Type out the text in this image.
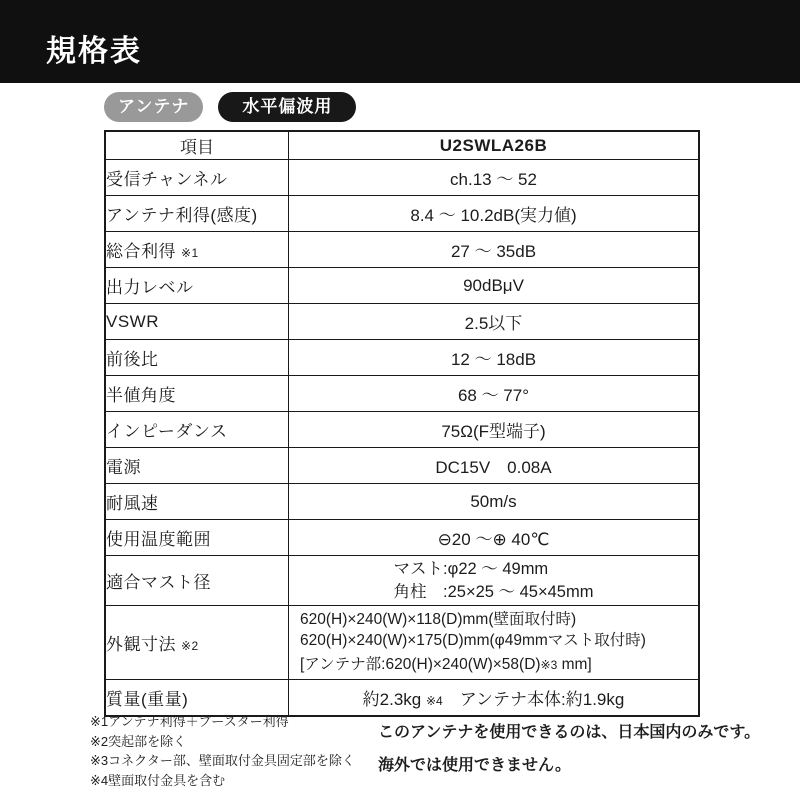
規格表
アンテナ	水平偏波用
項目	U2SWLA26B
受信チャンネル	ch.13 ～ 52
アンテナ利得(感度)	8.4 ～ 10.2dB(実力値)
総合利得 ※1	27 ～ 35dB
出力レベル	90dBμV
VSWR	2.5以下
前後比	12 ～ 18dB
半値角度	68 ～ 77°
インピーダンス	75Ω(F型端子)
電源	DC15V　0.08A
耐風速	50m/s
使用温度範囲	⊖20 ～⊕ 40℃
適合マスト径	マスト:φ22 ～ 49mm
角柱　:25×25 ～ 45×45mm

外観寸法 ※2	620(H)×240(W)×118(D)mm(壁面取付時)
620(H)×240(W)×175(D)mm(φ49mmマスト取付時)
[アンテナ部:620(H)×240(W)×58(D)※3 mm]

質量(重量)	約2.3kg ※4　アンテナ本体:約1.9kg
※1アンテナ利得＋ブースター利得
※2突起部を除く
※3コネクター部、壁面取付金具固定部を除く
※4壁面取付金具を含む
このアンテナを使用できるのは、日本国内のみです。
海外では使用できません。
